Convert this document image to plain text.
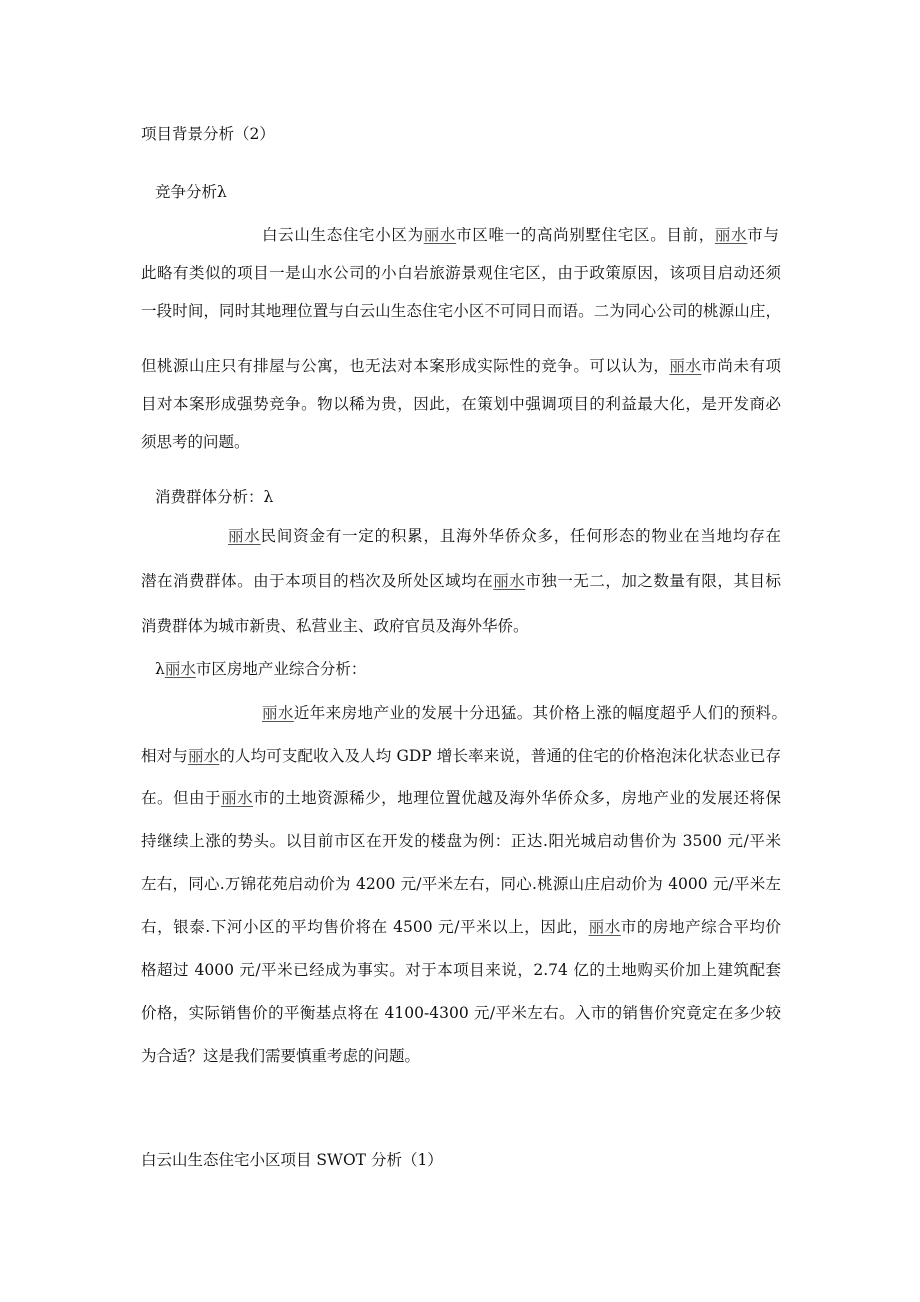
项目背景分析（2）
竞争分析λ
白云山生态住宅小区为丽水市区唯一的高尚别墅住宅区。目前，丽水市与
此略有类似的项目一是山水公司的小白岩旅游景观住宅区，由于政策原因，该项目启动还须
一段时间，同时其地理位置与白云山生态住宅小区不可同日而语。二为同心公司的桃源山庄，
但桃源山庄只有排屋与公寓，也无法对本案形成实际性的竞争。可以认为，丽水市尚未有项
目对本案形成强势竞争。物以稀为贵，因此，在策划中强调项目的利益最大化，是开发商必
须思考的问题。
消费群体分析：λ
丽水民间资金有一定的积累，且海外华侨众多，任何形态的物业在当地均存在
潜在消费群体。由于本项目的档次及所处区域均在丽水市独一无二，加之数量有限，其目标
消费群体为城市新贵、私营业主、政府官员及海外华侨。
λ丽水市区房地产业综合分析：
丽水近年来房地产业的发展十分迅猛。其价格上涨的幅度超乎人们的预料。
相对与丽水的人均可支配收入及人均 GDP 增长率来说，普通的住宅的价格泡沫化状态业已存
在。但由于丽水市的土地资源稀少，地理位置优越及海外华侨众多，房地产业的发展还将保
持继续上涨的势头。以目前市区在开发的楼盘为例：正达.阳光城启动售价为 3500 元/平米
左右，同心.万锦花苑启动价为 4200 元/平米左右，同心.桃源山庄启动价为 4000 元/平米左
右，银泰.下河小区的平均售价将在 4500 元/平米以上，因此，丽水市的房地产综合平均价
格超过 4000 元/平米已经成为事实。对于本项目来说，2.74 亿的土地购买价加上建筑配套
价格，实际销售价的平衡基点将在 4100-4300 元/平米左右。入市的销售价究竟定在多少较
为合适？这是我们需要慎重考虑的问题。
白云山生态住宅小区项目 SWOT 分析（1）
